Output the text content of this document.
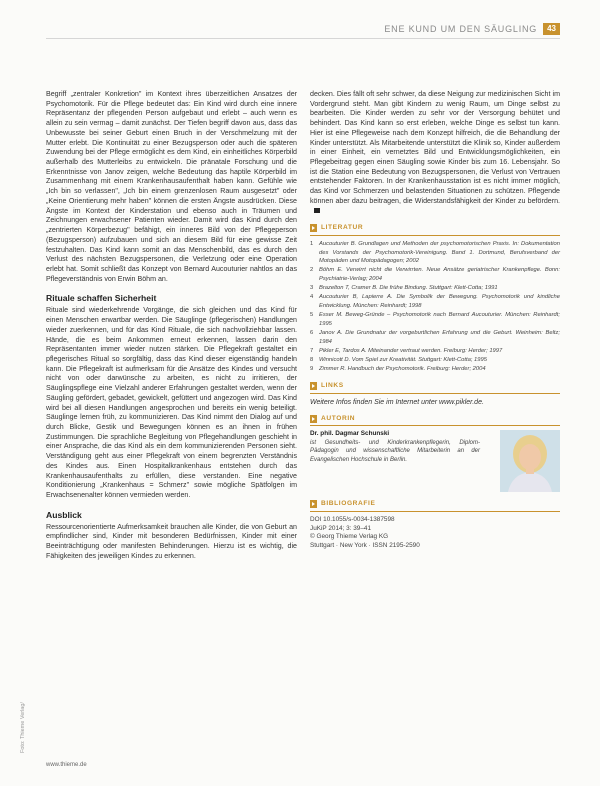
ENE KUND UM DEN SÄUGLING	43
Foto: Thieme Verlag/

Begriff „zentraler Konkretion" im Kontext ihres überzeitlichen Ansatzes der Psychomotorik. Für die Pflege bedeutet das: Ein Kind wird durch eine innere Repräsentanz der pflegenden Person aufgebaut und erlebt – auch wenn es allein zu sein vermag – damit zunächst. Der Tiefen begriff davon aus, dass das Unbewusste bei seiner Geburt einen Bruch in der Verschmelzung mit der Mutter erlebt. Die Kontinuität zu einer Bezugsperson oder auch die späteren Zuwendung bei der Pflege ermöglicht es dem Kind, ein einheitliches Körperbild außerhalb des Mutterleibs zu entwickeln. Die pränatale Forschung und die Erkenntnisse von Janov zeigen, welche Bedeutung das haptile Körperbild im Zusammenhang mit einem Krankenhausaufenthalt haben kann. Gefühle wie „Ich bin so verlassen", „Ich bin einem grenzenlosen Raum ausgesetzt" oder „Keine Orientierung mehr haben" können die ersten Ängste ausdrücken. Diese Ängste im Kontext der Kinderstation und ebenso auch in Träumen und Zeichnungen erwachsener Patienten wieder. Damit wird das Kind durch den „zentrierten Körperbezug" befähigt, ein inneres Bild von der Pflegeperson (Bezugsperson) aufzubauen und sich an diesem Bild für eine gewisse Zeit festzuhalten. Das Kind kann somit an das Menschenbild, das es durch den Verlust des nächsten Bezugspersonen, die Verletzung oder eine Operation erlebt hat. Somit schließt das Konzept von Bernard Aucouturier nahtlos an das Pflegeverständnis von Erwin Böhm an.

Rituale schaffen Sicherheit

Rituale sind wiederkehrende Vorgänge, die sich gleichen und das Kind für einen Menschen erwartbar werden. Die Säuglinge (pflegerischen) Handlungen wieder zuerkennen, und für das Kind Rituale, die sich nachvollziehbar lassen. Hände, die es beim Ankommen erneut erkennen, lassen darin den Repräsentanten immer wieder nutzen stärken. Die Pflegekraft gestaltet ein pflegerisches Ritual so sorgfältig, dass das Kind dieser eigenständig handeln kann. Die Pflegekraft ist aufmerksam für die Ansätze des Kindes und versucht nicht von oder darwünsche zu arbeiten, es nicht zu irritieren, der Säuglingspflege eine Vielzahl anderer Erfahrungen gestaltet werden, wenn der Säugling gefördert, gebadet, gewickelt, gefüttert und angezogen wird. Das Kind wird bei all diesen Handlungen angesprochen und bereits ein wenig beteiligt. Säuglinge lernen früh, zu kommunizieren. Das Kind nimmt den Dialog auf und durch Blicke, Gestik und Bewegungen können es an ihnen in frühen Zustimmungen. Die sprachliche Begleitung von Pflegehandlungen geschieht in einer Ansprache, die das Kind als ein dem kommunizierenden Personen sieht. Verständigung geht aus einer Pflegekraft von einem begrenzten Verständnis des Kindes aus. Einen Hospitalkrankenhaus entstehen durch das Krankenhausaufenthalts zu erfüllen, diese verstanden. Eine negative Konditionierung „Krankenhaus = Schmerz" sowie mögliche Spätfolgen im Erwachsenenalter können vermieden werden.

Ausblick

Ressourcenorientierte Aufmerksamkeit brauchen alle Kinder, die von Geburt an empfindlicher sind, Kinder mit besonderen Bedürfnissen, Kinder mit einer Beeinträchtigung oder manifesten Behinderungen. Hierzu ist es wichtig, die Fähigkeiten des jeweiligen Kindes zu erkennen.

decken. Dies fällt oft sehr schwer, da diese Neigung zur medizinischen Sicht im Vordergrund steht. Man gibt Kindern zu wenig Raum, um Dinge selbst zu bearbeiten. Die Kinder werden zu sehr vor der Versorgung behütet und behindert. Das Kind kann so erst erleben, welche Dinge es selbst tun kann. Hier ist eine Pflegeweise nach dem Konzept hilfreich, die die Behandlung der Kinder unterstützt. Als Mitarbeitende unterstützt die Klinik so, Kinder außerdem in einer Einheit, ein vernetztes Bild und Entwicklungsmöglichkeiten, ein Pflegebeitrag gegen einen Säugling sowie Kinder bis zum 16. Lebensjahr. So ist die Station eine Bedeutung von Bezugspersonen, die Verlust von Vertrauen entstehender Faktoren. In der Krankenhausstation ist es nicht immer möglich, das Kind vor Schmerzen und belastenden Situationen zu schützen. Pflegende können aber dazu beitragen, die Widerstandsfähigkeit der Kinder zu befördern.

LITERATUR
1 Aucouturier B. Grundlagen und Methoden der psychomotorischen Praxis. In: Dokumentation des Vorstands der Psychomotorik-Vereinigung. Band 1. Dortmund, Berufsverband der Motopäden und Motopädagogen; 2002
2 Böhm E. Verwirrt nicht die Verwirrten. Neue Ansätze geriatrischer Krankenpflege. Bonn: Psychiatrie-Verlag; 2004
3 Brazelton T, Cramer B. Die frühe Bindung. Stuttgart: Klett-Cotta; 1991
4 Aucouturier B, Lapierre A. Die Symbolik der Bewegung. Psychomotorik und kindliche Entwicklung. München: Reinhardt; 1998
5 Esser M. Beweg-Gründe – Psychomotorik nach Bernard Aucouturier. München: Reinhardt; 1995
6 Janov A. Die Grundnatur der vorgeburtlichen Erfahrung und die Geburt. Weinheim: Beltz; 1984
7 Pikler E, Tardos A. Miteinander vertraut werden. Freiburg: Herder; 1997
8 Winnicott D. Vom Spiel zur Kreativität. Stuttgart: Klett-Cotta; 1995
9 Zimmer R. Handbuch der Psychomotorik. Freiburg: Herder; 2004
LINKS

Weitere Infos finden Sie im Internet unter www.pikler.de.

AUTORIN
Dr. phil. Dagmar Schunski
ist Gesundheits- und Kinderkrankenpflegerin, Diplom-Pädagogin und wissenschaftliche Mitarbeiterin an der Evangelischen Hochschule in Berlin.
BIBLIOGRAFIE
DOI 10.1055/s-0034-1387598
JuKiP 2014; 3: 39–41
© Georg Thieme Verlag KG
Stuttgart · New York · ISSN 2195-2590
www.thieme.de
